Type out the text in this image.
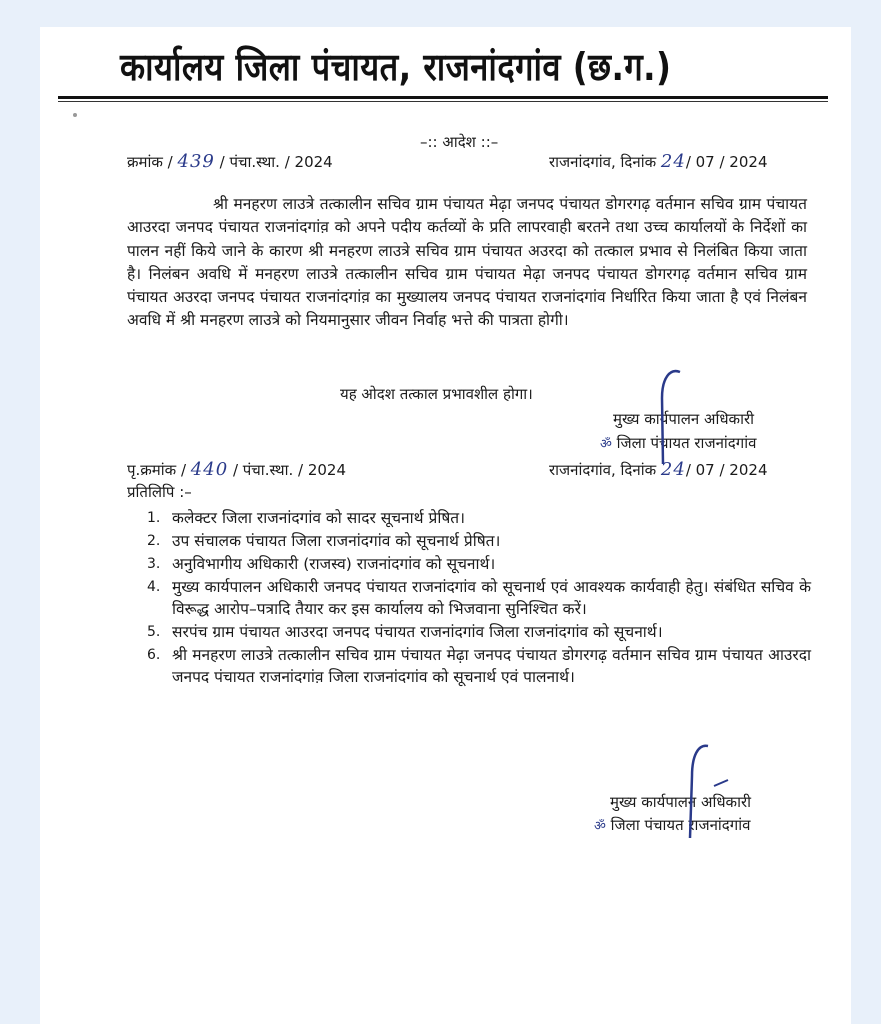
कार्यालय जिला पंचायत, राजनांदगांव (छ.ग.)
–:: आदेश ::–
क्रमांक / 439 / पंचा.स्था. / 2024	राजनांदगांव, दिनांक 24/ 07 / 2024
श्री मनहरण लाउत्रे तत्कालीन सचिव ग्राम पंचायत मेढ़ा जनपद पंचायत डोगरगढ़ वर्तमान सचिव ग्राम पंचायत आउरदा जनपद पंचायत राजनांदगांव़ को अपने पदीय कर्तव्यों के प्रति लापरवाही बरतने तथा उच्च कार्यालयों के निर्देशों का पालन नहीं किये जाने के कारण श्री मनहरण लाउत्रे सचिव ग्राम पंचायत अउरदा को तत्काल प्रभाव से निलंबित किया जाता है। निलंबन अवधि में मनहरण लाउत्रे तत्कालीन सचिव ग्राम पंचायत मेढ़ा जनपद पंचायत डोगरगढ़ वर्तमान सचिव ग्राम पंचायत अउरदा जनपद पंचायत राजनांदगांव़ का मुख्यालय जनपद पंचायत राजनांदगांव निर्धारित किया जाता है एवं निलंबन अवधि में श्री मनहरण लाउत्रे को नियमानुसार जीवन निर्वाह भत्ते की पात्रता होगी।
यह ओदश तत्काल प्रभावशील होगा।
मुख्य कार्यपालन अधिकारी
ॐ जिला पंचायत राजनांदगांव
पृ.क्रमांक / 440 / पंचा.स्था. / 2024	राजनांदगांव, दिनांक 24/ 07 / 2024
प्रतिलिपि :–
1. कलेक्टर जिला राजनांदगांव को सादर सूचनार्थ प्रेषित।
2. उप संचालक पंचायत जिला राजनांदगांव को सूचनार्थ प्रेषित।
3. अनुविभागीय अधिकारी (राजस्व) राजनांदगांव को सूचनार्थ।
4. मुख्य कार्यपालन अधिकारी जनपद पंचायत राजनांदगांव को सूचनार्थ एवं आवश्यक कार्यवाही हेतु। संबंधित सचिव के विरूद्ध आरोप–पत्रादि तैयार कर इस कार्यालय को भिजवाना सुनिश्चित करें।
5. सरपंच ग्राम पंचायत आउरदा जनपद पंचायत राजनांदगांव जिला राजनांदगांव को सूचनार्थ।
6. श्री मनहरण लाउत्रे तत्कालीन सचिव ग्राम पंचायत मेढ़ा जनपद पंचायत डोगरगढ़ वर्तमान सचिव ग्राम पंचायत आउरदा जनपद पंचायत राजनांदगांव़ जिला राजनांदगांव को सूचनार्थ एवं पालनार्थ।
मुख्य कार्यपालन अधिकारी
ॐ जिला पंचायत राजनांदगांव
